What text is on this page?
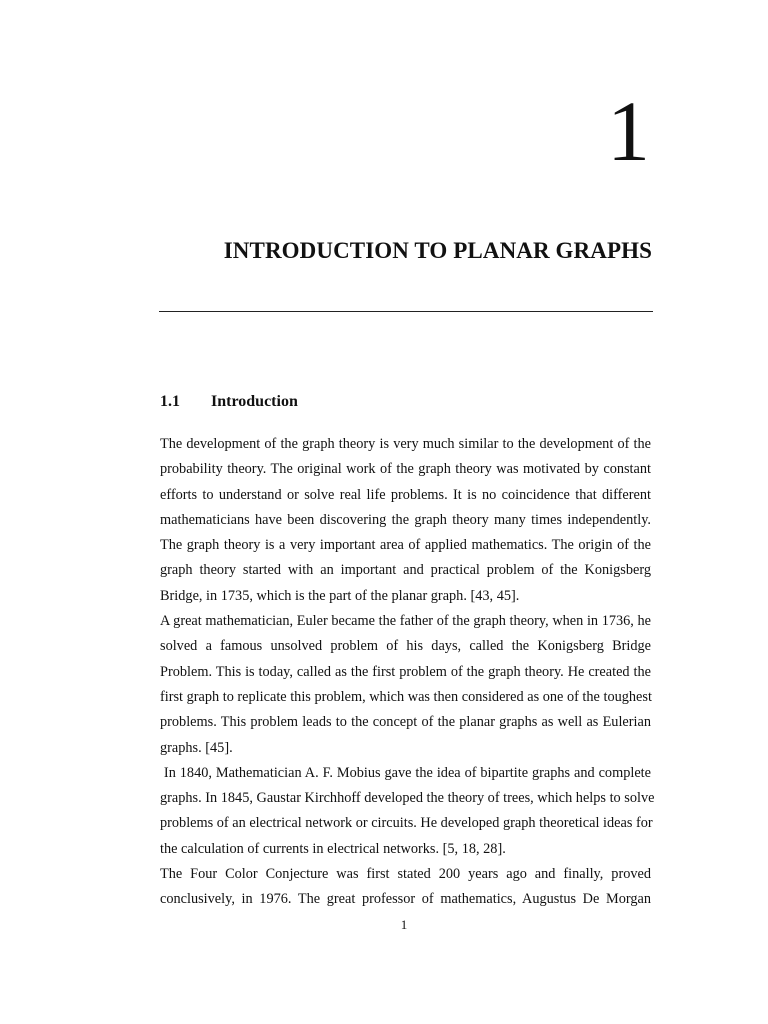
1
INTRODUCTION TO PLANAR GRAPHS
1.1 Introduction
The development of the graph theory is very much similar to the development of the
probability theory. The original work of the graph theory was motivated by constant
efforts to understand or solve real life problems. It is no coincidence that different
mathematicians have been discovering the graph theory many times independently.
The graph theory is a very important area of applied mathematics. The origin of the
graph theory started with an important and practical problem of the Konigsberg
Bridge, in 1735, which is the part of the planar graph. [43, 45].
A great mathematician, Euler became the father of the graph theory, when in 1736, he
solved a famous unsolved problem of his days, called the Konigsberg Bridge
Problem. This is today, called as the first problem of the graph theory. He created the
first graph to replicate this problem, which was then considered as one of the toughest
problems. This problem leads to the concept of the planar graphs as well as Eulerian
graphs. [45].
In 1840, Mathematician A. F. Mobius gave the idea of bipartite graphs and complete
graphs. In 1845, Gaustar Kirchhoff developed the theory of trees, which helps to solve
problems of an electrical network or circuits. He developed graph theoretical ideas for
the calculation of currents in electrical networks. [5, 18, 28].
The Four Color Conjecture was first stated 200 years ago and finally, proved
conclusively, in 1976. The great professor of mathematics, Augustus De Morgan
1
